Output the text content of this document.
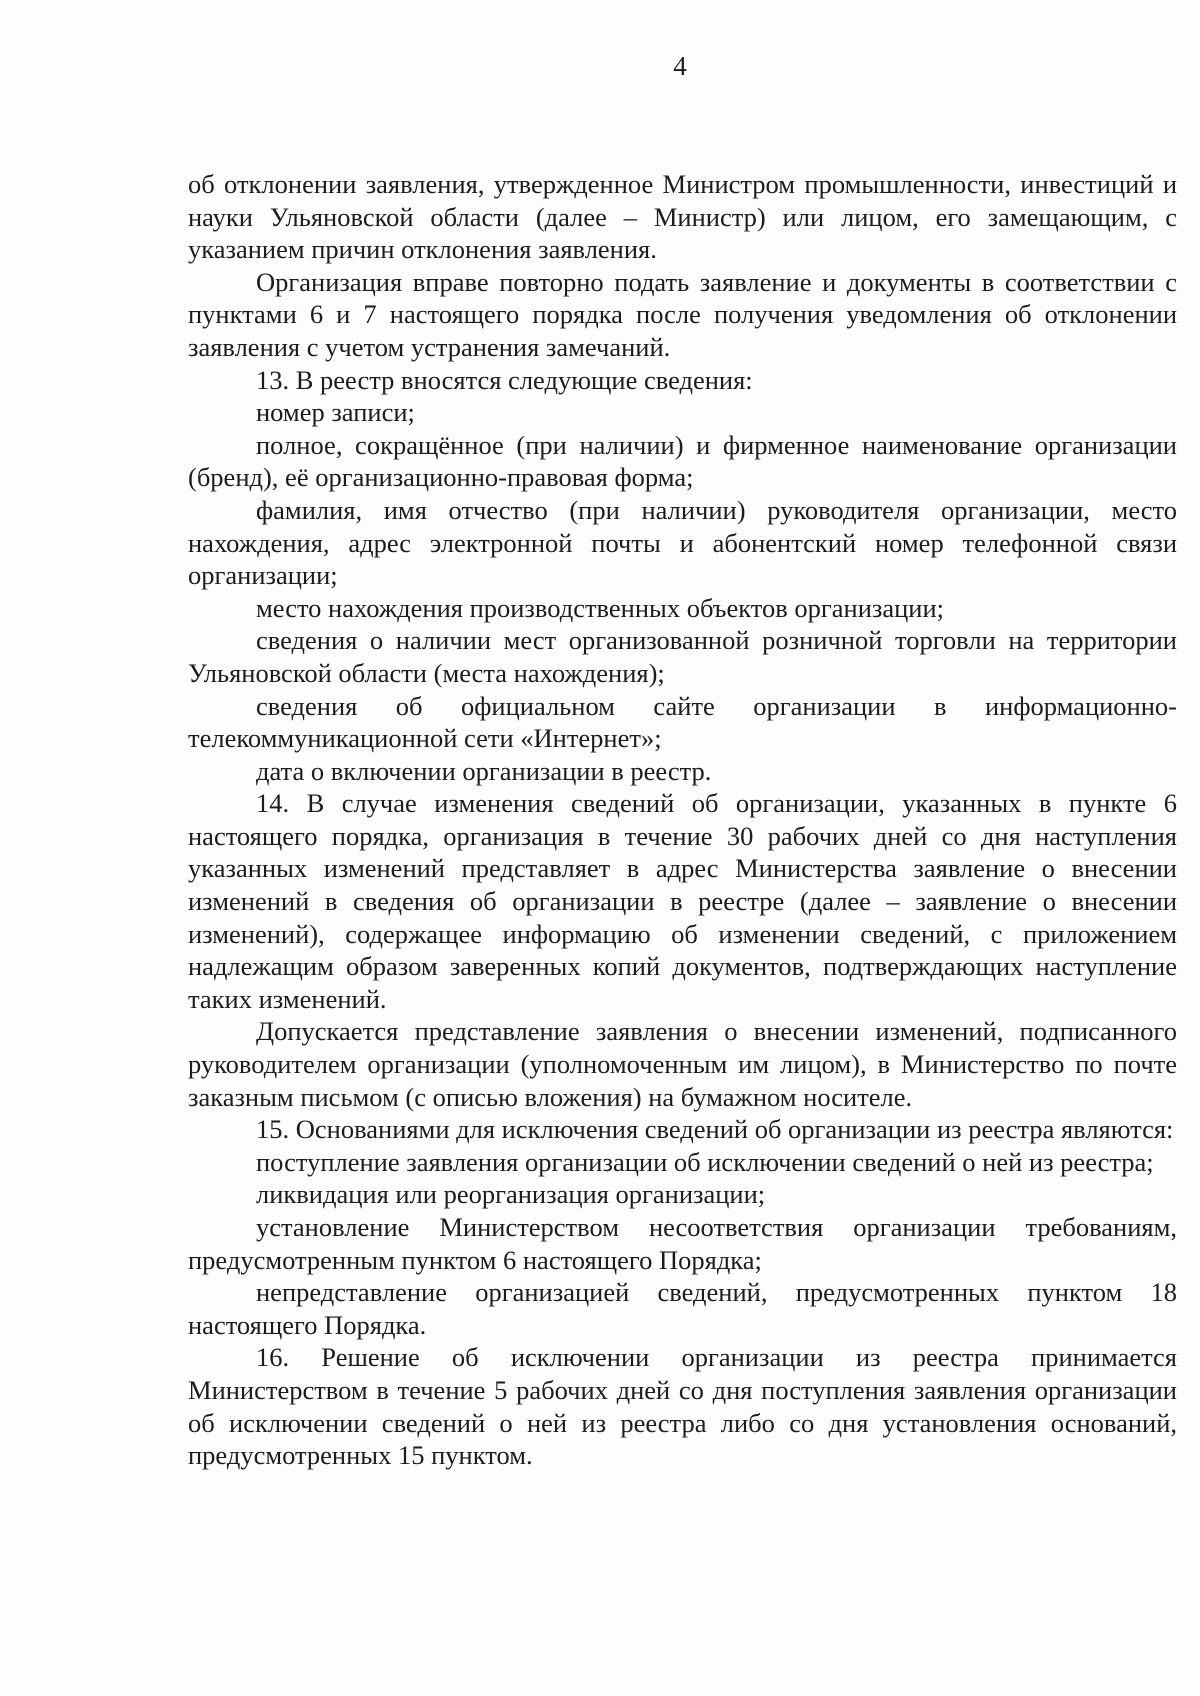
4

об отклонении заявления, утвержденное Министром промышленности, инвестиций и науки Ульяновской области (далее – Министр) или лицом, его замещающим, с указанием причин отклонения заявления.

Организация вправе повторно подать заявление и документы в соответствии с пунктами 6 и 7 настоящего порядка после получения уведомления об отклонении заявления с учетом устранения замечаний.

13. В реестр вносятся следующие сведения:

номер записи;

полное, сокращённое (при наличии) и фирменное наименование организации (бренд), её организационно-правовая форма;

фамилия, имя отчество (при наличии) руководителя организации, место нахождения, адрес электронной почты и абонентский номер телефонной связи организации;

место нахождения производственных объектов организации;

сведения о наличии мест организованной розничной торговли на территории Ульяновской области (места нахождения);

сведения об официальном сайте организации в информационно-телекоммуникационной сети «Интернет»;

дата о включении организации в реестр.

14. В случае изменения сведений об организации, указанных в пункте 6 настоящего порядка, организация в течение 30 рабочих дней со дня наступления указанных изменений представляет в адрес Министерства заявление о внесении изменений в сведения об организации в реестре (далее – заявление о внесении изменений), содержащее информацию об изменении сведений, с приложением надлежащим образом заверенных копий документов, подтверждающих наступление таких изменений.

Допускается представление заявления о внесении изменений, подписанного руководителем организации (уполномоченным им лицом), в Министерство по почте заказным письмом (с описью вложения) на бумажном носителе.

15. Основаниями для исключения сведений об организации из реестра являются:

поступление заявления организации об исключении сведений о ней из реестра;

ликвидация или реорганизация организации;

установление Министерством несоответствия организации требованиям, предусмотренным пунктом 6 настоящего Порядка;

непредставление организацией сведений, предусмотренных пунктом 18 настоящего Порядка.

16. Решение об исключении организации из реестра принимается Министерством в течение 5 рабочих дней со дня поступления заявления организации об исключении сведений о ней из реестра либо со дня установления оснований, предусмотренных 15 пунктом.
